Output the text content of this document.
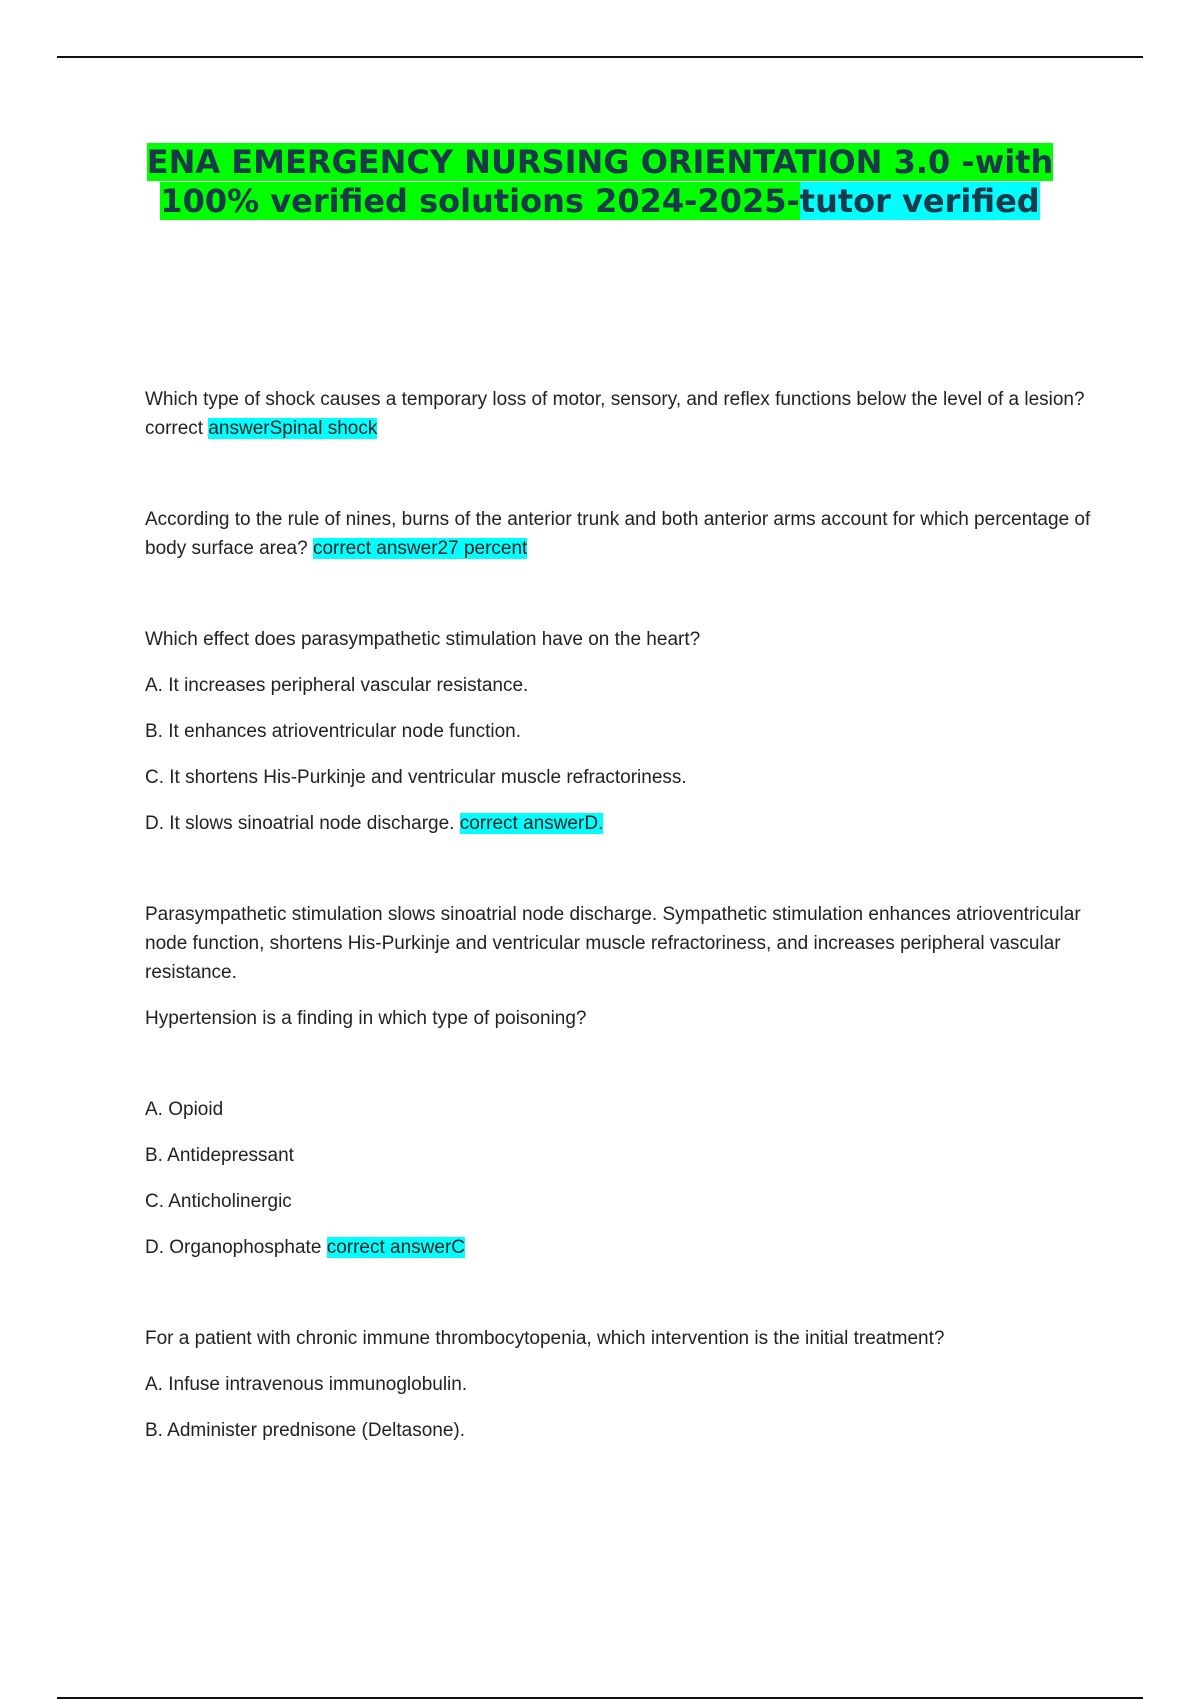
ENA EMERGENCY NURSING ORIENTATION 3.0 -with 100% verified solutions 2024-2025-tutor verified

Which type of shock causes a temporary loss of motor, sensory, and reflex functions below the level of a lesion? correct answerSpinal shock

According to the rule of nines, burns of the anterior trunk and both anterior arms account for which percentage of body surface area? correct answer27 percent

Which effect does parasympathetic stimulation have on the heart?

A. It increases peripheral vascular resistance.

B. It enhances atrioventricular node function.

C. It shortens His-Purkinje and ventricular muscle refractoriness.

D. It slows sinoatrial node discharge. correct answerD.

Parasympathetic stimulation slows sinoatrial node discharge. Sympathetic stimulation enhances atrioventricular node function, shortens His-Purkinje and ventricular muscle refractoriness, and increases peripheral vascular resistance.

Hypertension is a finding in which type of poisoning?

A. Opioid

B. Antidepressant

C. Anticholinergic

D. Organophosphate correct answerC

For a patient with chronic immune thrombocytopenia, which intervention is the initial treatment?

A. Infuse intravenous immunoglobulin.

B. Administer prednisone (Deltasone).
